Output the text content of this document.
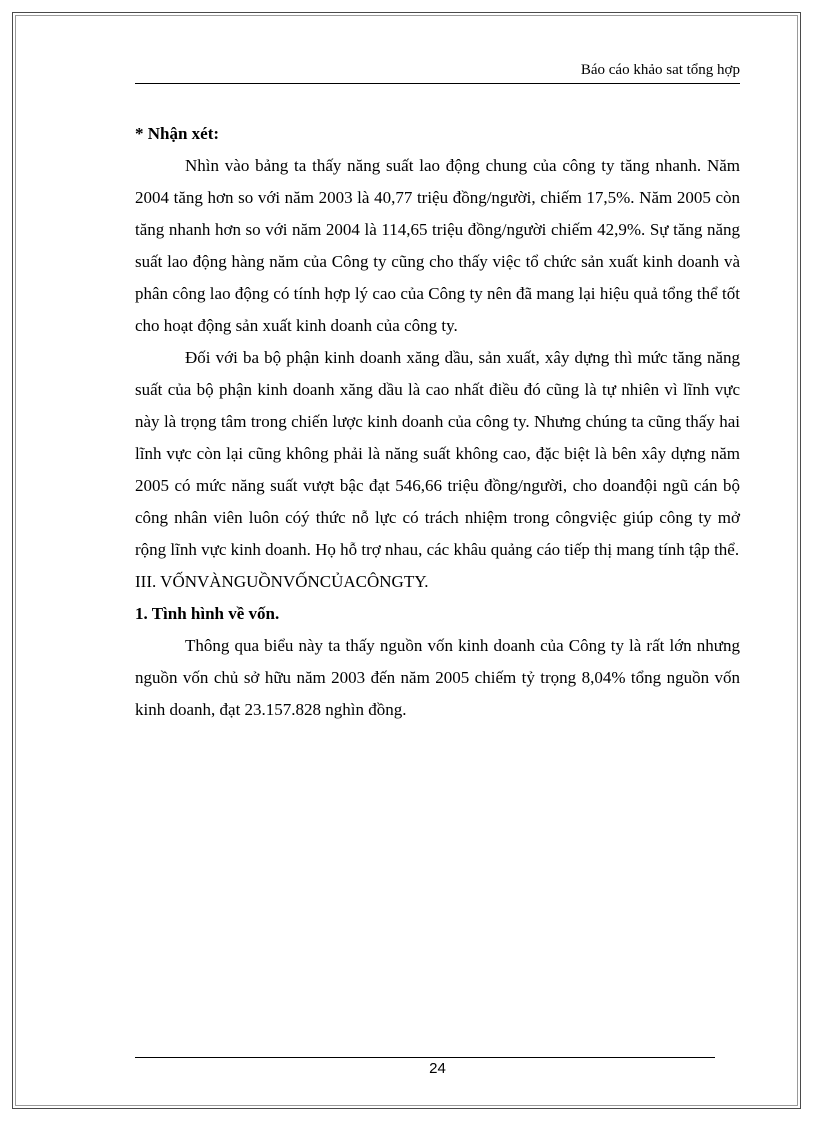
Báo cáo khảo sat tổng hợp

* Nhận xét:

Nhìn vào bảng ta thấy năng suất lao động chung của công ty tăng nhanh. Năm 2004 tăng hơn so với năm 2003 là 40,77 triệu đồng/người, chiếm 17,5%. Năm 2005 còn tăng nhanh hơn so với năm 2004 là 114,65 triệu đồng/người chiếm 42,9%. Sự tăng năng suất lao động hàng năm của Công ty cũng cho thấy việc tổ chức sản xuất kinh doanh và phân công lao động có tính hợp lý cao của Công ty nên đã mang lại hiệu quả tổng thể tốt cho hoạt động sản xuất kinh doanh của công ty.

Đối với ba bộ phận kinh doanh xăng dầu, sản xuất, xây dựng thì mức tăng năng suất của bộ phận kinh doanh xăng dầu là cao nhất điều đó cũng là tự nhiên vì lĩnh vực này là trọng tâm trong chiến lược kinh doanh của công ty. Nhưng chúng ta cũng thấy hai lĩnh vực còn lại cũng không phải là năng suất không cao, đặc biệt là bên xây dựng năm 2005 có mức năng suất vượt bậc đạt 546,66 triệu đồng/người, cho doanđội ngũ cán bộ công nhân viên luôn cóý thức nỗ lực có trách nhiệm trong côngviệc giúp công ty mở rộng lĩnh vực kinh doanh. Họ hỗ trợ nhau, các khâu quảng cáo tiếp thị mang tính tập thể.

III. VỐNVÀNGUỒNVỐNCỦACÔNGTY.

1. Tình hình về vốn.

Thông qua biểu này ta thấy nguồn vốn kinh doanh của Công ty là rất lớn nhưng nguồn vốn chủ sở hữu năm 2003 đến năm 2005 chiếm tỷ trọng 8,04% tổng nguồn vốn kinh doanh, đạt 23.157.828 nghìn đồng.

24
